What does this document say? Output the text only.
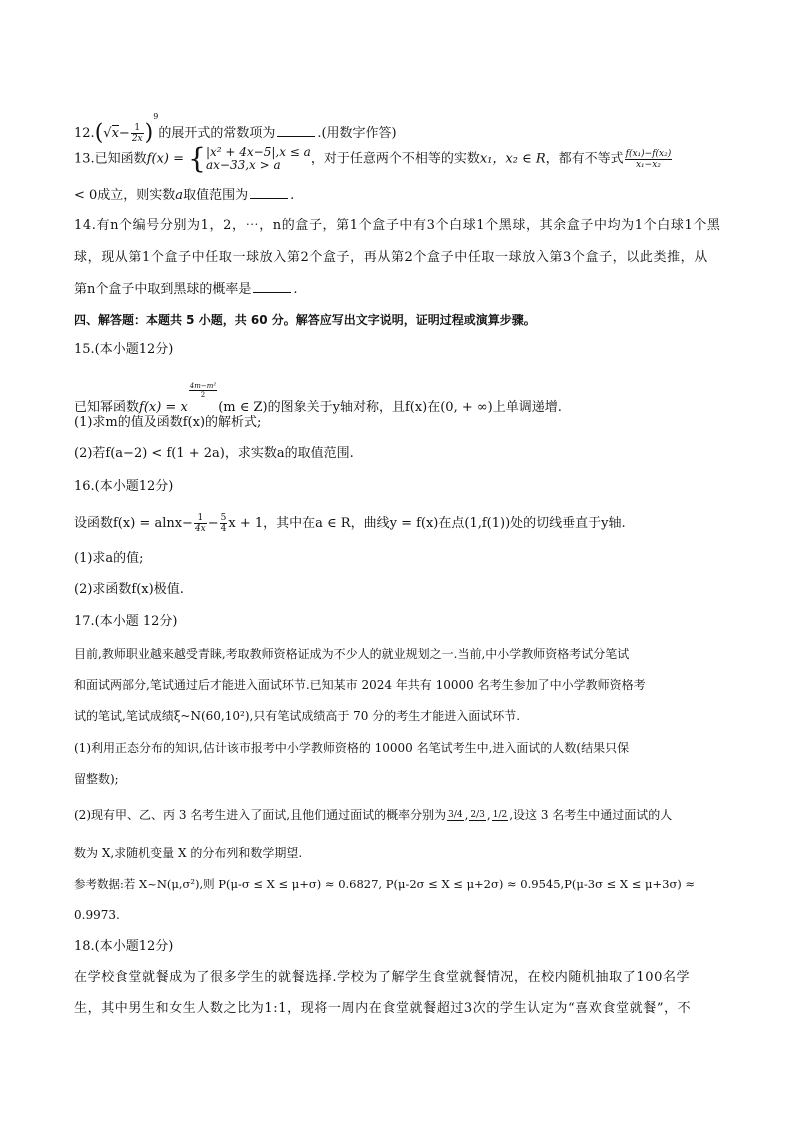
$12.(√x- \frac{1}{2x} )^9$的展开式的常数项为	.(用数字作答)
13.已知函数f(x) = { |x² + 4x−5|,x ≤ a
ax−33,x > a	，对于任意两个不相等的实数x₁，x₂ ∈ R，都有不等式 $\frac{\text{f(x₁)−f(x₂)}}{\text{x₁−x₂}}$
< 0成立，则实数a取值范围为	.
14.有n个编号分别为1，2，⋯，n的盒子，第1个盒子中有3个白球1个黑球，其余盒子中均为1个白球1个黑
球，现从第1个盒子中任取一球放入第2个盒子，再从第2个盒子中任取一球放入第3个盒子，以此类推，从
第n个盒子中取到黑球的概率是	.
四、解答题：本题共 5 小题，共 60 分。解答应写出文字说明，证明过程或演算步骤。
15.(本小题12分)
已知幂函数f(x) = x
$\frac{\text{4m−m²}}{2}$
(m ∈ Z)的图象关于y轴对称，且f(x)在(0, + ∞)上单调递增.
(1)求m的值及函数f(x)的解析式;
(2)若f(a−2) < f(1 + 2a)，求实数a的取值范围.
16.(本小题12分)
设函数$f(x) = alnx- \frac{1}{4x} - \frac{5}{4}$ x + 1，其中在a ∈ R，曲线y = f(x)在点(1,f(1))处的切线垂直于y轴.
(1)求a的值;
(2)求函数f(x)极值.
17.(本小题 12分)
目前,教师职业越来越受青睐,考取教师资格证成为不少人的就业规划之一.当前,中小学教师资格考试分笔试
和面试两部分,笔试通过后才能进入面试环节.已知某市 2024 年共有 10000 名考生参加了中小学教师资格考
试的笔试,笔试成绩ξ~N(60,10²),只有笔试成绩高于 70 分的考生才能进入面试环节.
(1)利用正态分布的知识,估计该市报考中小学教师资格的 10000 名笔试考生中,进入面试的人数(结果只保
留整数);
(2)现有甲、乙、丙 3 名考生进入了面试,且他们通过面试的概率分别为 3/4 , 2/3 , 1/2 ,设这 3 名考生中通过面试的人
数为 X,求随机变量 X 的分布列和数学期望.
参考数据:若 X~N(μ,σ²),则 P(μ-σ ≤ X ≤ μ+σ) ≈ 0.6827, P(μ-2σ ≤ X ≤ μ+2σ) ≈ 0.9545,P(μ-3σ ≤ X ≤ μ+3σ) ≈
0.9973.
18.(本小题12分)
在学校食堂就餐成为了很多学生的就餐选择.学校为了解学生食堂就餐情况，在校内随机抽取了100名学
生，其中男生和女生人数之比为1:1，现将一周内在食堂就餐超过3次的学生认定为“喜欢食堂就餐”，不
